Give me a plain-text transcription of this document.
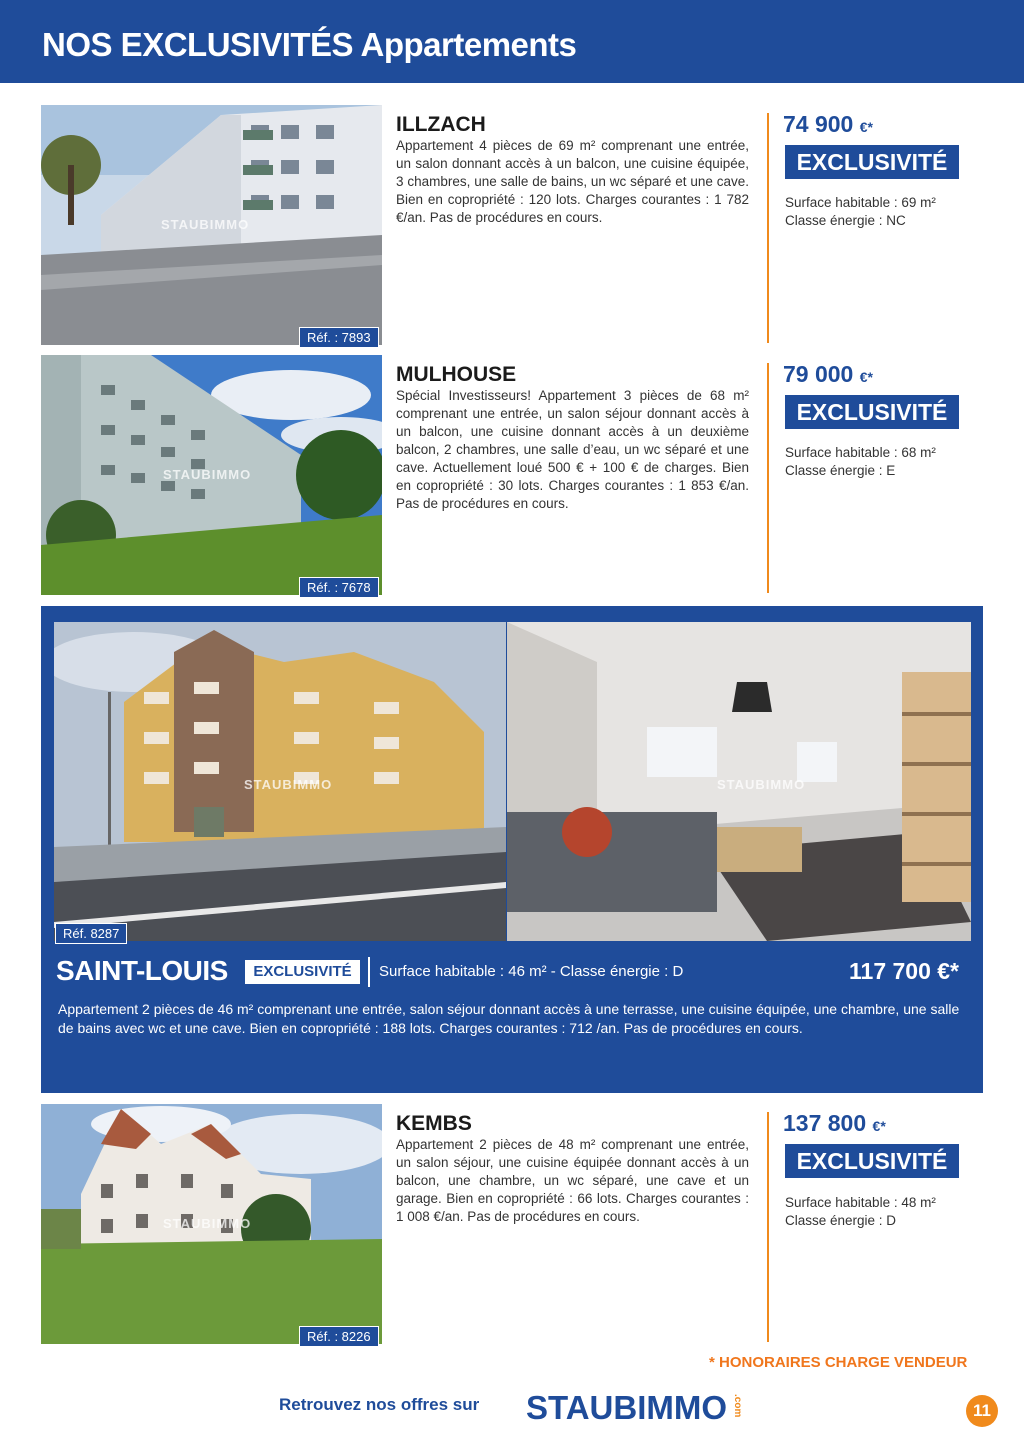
NOS EXCLUSIVITÉS Appartements
STAUBIMMO
Réf. : 7893
ILLZACH
Appartement 4 pièces de 69 m² comprenant une entrée, un salon donnant accès à un balcon, une cuisine équipée, 3 chambres, une salle de bains, un wc séparé et une cave. Bien en copropriété : 120 lots. Charges courantes : 1 782 €/an. Pas de procédures en cours.
74 900 €*
EXCLUSIVITÉ
Surface habitable : 69 m²
Classe énergie : NC
STAUBIMMO
Réf. : 7678
MULHOUSE
Spécial Investisseurs! Appartement 3 pièces de 68 m² comprenant une entrée, un salon séjour donnant accès à un balcon, une cuisine donnant accès à un deuxième balcon, 2 chambres, une salle d’eau, un wc séparé et une cave. Actuellement loué 500 € + 100 € de charges. Bien en copropriété : 30 lots. Charges courantes : 1 853 €/an. Pas de procédures en cours.
79 000 €*
EXCLUSIVITÉ
Surface habitable : 68 m²
Classe énergie : E
STAUBIMMO	STAUBIMMO
Réf. 8287
SAINT-LOUIS	EXCLUSIVITÉ	Surface habitable : 46 m² - Classe énergie : D	117 700 €*
Appartement 2 pièces de 46 m² comprenant une entrée, salon séjour donnant accès à une terrasse, une cuisine équipée, une chambre, une salle de bains avec wc et une cave. Bien en copropriété : 188 lots. Charges courantes : 712 /an. Pas de procédures en cours.
STAUBIMMO
Réf. : 8226
KEMBS
Appartement 2 pièces de 48 m² comprenant une entrée, un salon séjour, une cuisine équipée donnant accès à un balcon, une chambre, un wc séparé, une cave et un garage. Bien en copropriété : 66 lots. Charges courantes : 1 008 €/an. Pas de procédures en cours.
137 800 €*
EXCLUSIVITÉ
Surface habitable : 48 m²
Classe énergie : D
* HONORAIRES CHARGE VENDEUR
Retrouvez nos offres sur STAUBIMMO .com	11
